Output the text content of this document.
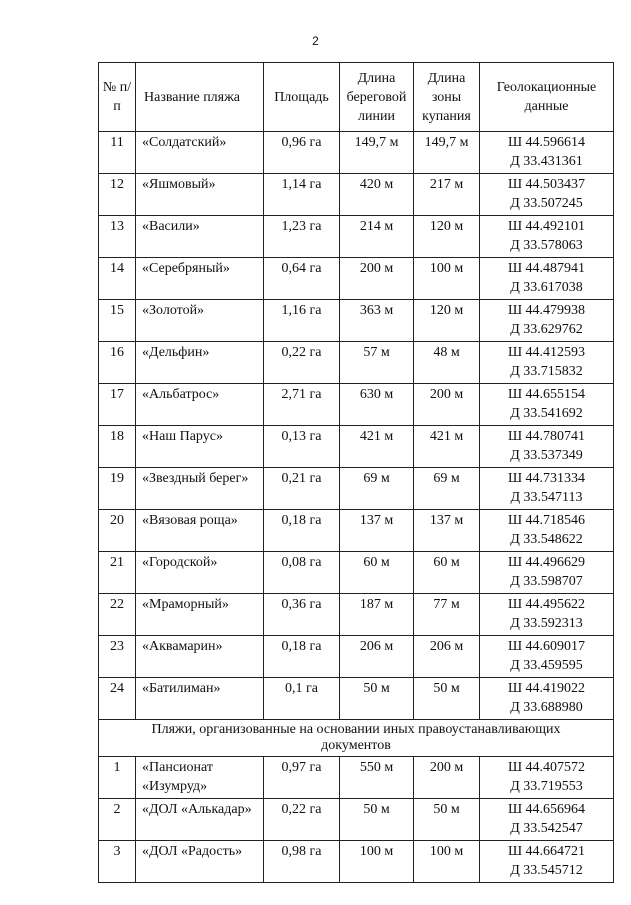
2
№ п/п	Название пляжа	Площадь	Длина береговой линии	Длина зоны купания	Геолокационные данные
11	«Солдатский»	0,96 га	149,7 м	149,7 м	Ш 44.596614
Д 33.431361

12	«Яшмовый»	1,14 га	420 м	217 м	Ш 44.503437
Д 33.507245

13	«Васили»	1,23 га	214 м	120 м	Ш 44.492101
Д 33.578063

14	«Серебряный»	0,64 га	200 м	100 м	Ш 44.487941
Д 33.617038

15	«Золотой»	1,16 га	363 м	120 м	Ш 44.479938
Д 33.629762

16	«Дельфин»	0,22 га	57 м	48 м	Ш 44.412593
Д 33.715832

17	«Альбатрос»	2,71 га	630 м	200 м	Ш 44.655154
Д 33.541692

18	«Наш Парус»	0,13 га	421 м	421 м	Ш 44.780741
Д 33.537349

19	«Звездный берег»	0,21 га	69 м	69 м	Ш 44.731334
Д 33.547113

20	«Вязовая роща»	0,18 га	137 м	137 м	Ш 44.718546
Д 33.548622

21	«Городской»	0,08 га	60 м	60 м	Ш 44.496629
Д 33.598707

22	«Мраморный»	0,36 га	187 м	77 м	Ш 44.495622
Д 33.592313

23	«Аквамарин»	0,18 га	206 м	206 м	Ш 44.609017
Д 33.459595

24	«Батилиман»	0,1 га	50 м	50 м	Ш 44.419022
Д 33.688980

Пляжи, организованные на основании иных правоустанавливающих документов					
1	«Пансионат «Изумруд»	0,97 га	550 м	200 м	Ш 44.407572
Д 33.719553

2	«ДОЛ «Алькадар»	0,22 га	50 м	50 м	Ш 44.656964
Д 33.542547

3	«ДОЛ «Радость»	0,98 га	100 м	100 м	Ш 44.664721
Д 33.545712
